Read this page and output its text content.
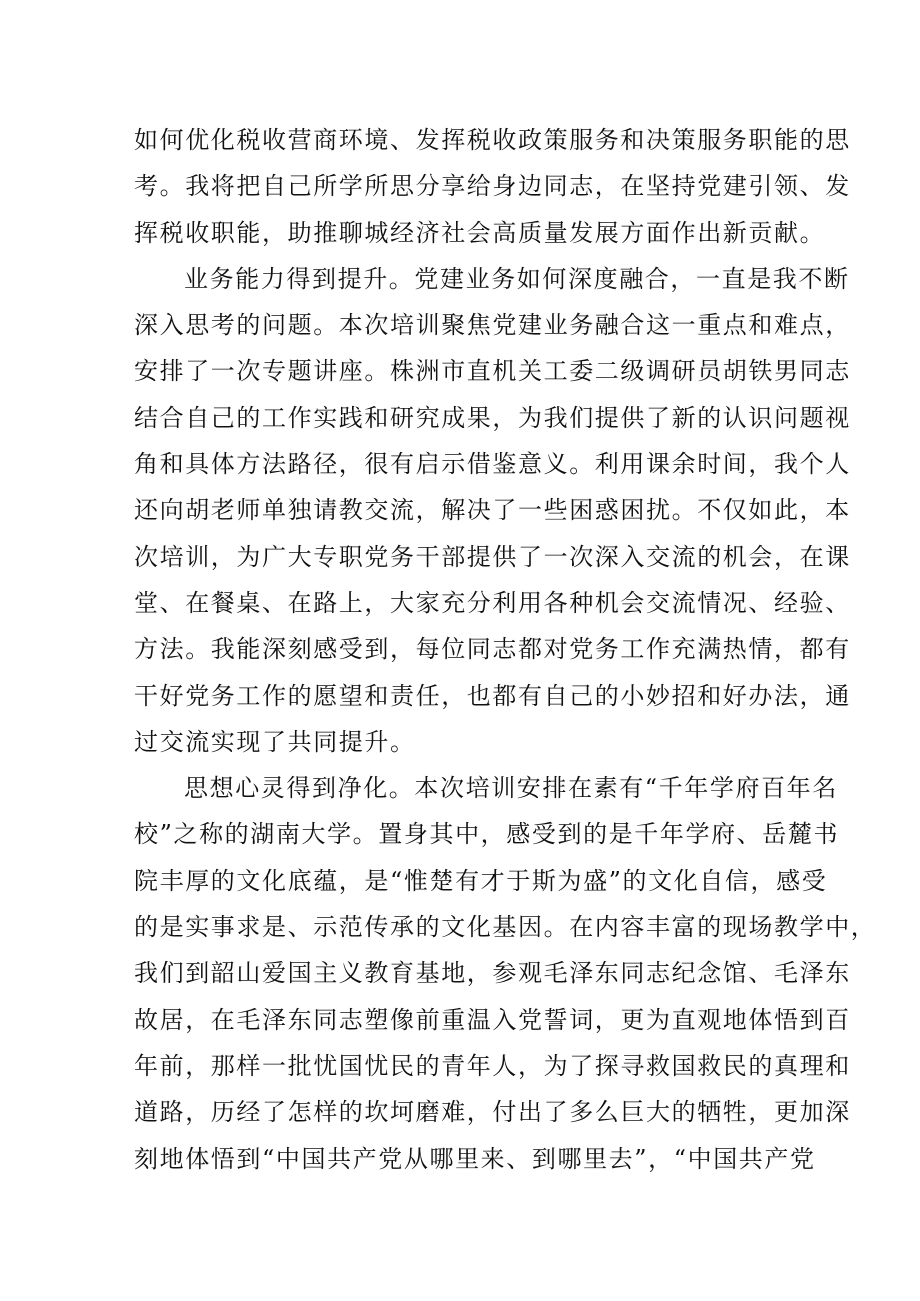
如何优化税收营商环境、发挥税收政策服务和决策服务职能的思
考。我将把自己所学所思分享给身边同志，在坚持党建引领、发
挥税收职能，助推聊城经济社会高质量发展方面作出新贡献。
业务能力得到提升。党建业务如何深度融合，一直是我不断
深入思考的问题。本次培训聚焦党建业务融合这一重点和难点，
安排了一次专题讲座。株洲市直机关工委二级调研员胡铁男同志
结合自己的工作实践和研究成果，为我们提供了新的认识问题视
角和具体方法路径，很有启示借鉴意义。利用课余时间，我个人
还向胡老师单独请教交流，解决了一些困惑困扰。不仅如此，本
次培训，为广大专职党务干部提供了一次深入交流的机会，在课
堂、在餐桌、在路上，大家充分利用各种机会交流情况、经验、
方法。我能深刻感受到，每位同志都对党务工作充满热情，都有
干好党务工作的愿望和责任，也都有自己的小妙招和好办法，通
过交流实现了共同提升。
思想心灵得到净化。本次培训安排在素有“千年学府百年名
校”之称的湖南大学。置身其中，感受到的是千年学府、岳麓书
院丰厚的文化底蕴，是“惟楚有才于斯为盛”的文化自信，感受
的是实事求是、示范传承的文化基因。在内容丰富的现场教学中，
我们到韶山爱国主义教育基地，参观毛泽东同志纪念馆、毛泽东
故居，在毛泽东同志塑像前重温入党誓词，更为直观地体悟到百
年前，那样一批忧国忧民的青年人，为了探寻救国救民的真理和
道路，历经了怎样的坎坷磨难，付出了多么巨大的牺牲，更加深
刻地体悟到“中国共产党从哪里来、到哪里去”，“中国共产党
